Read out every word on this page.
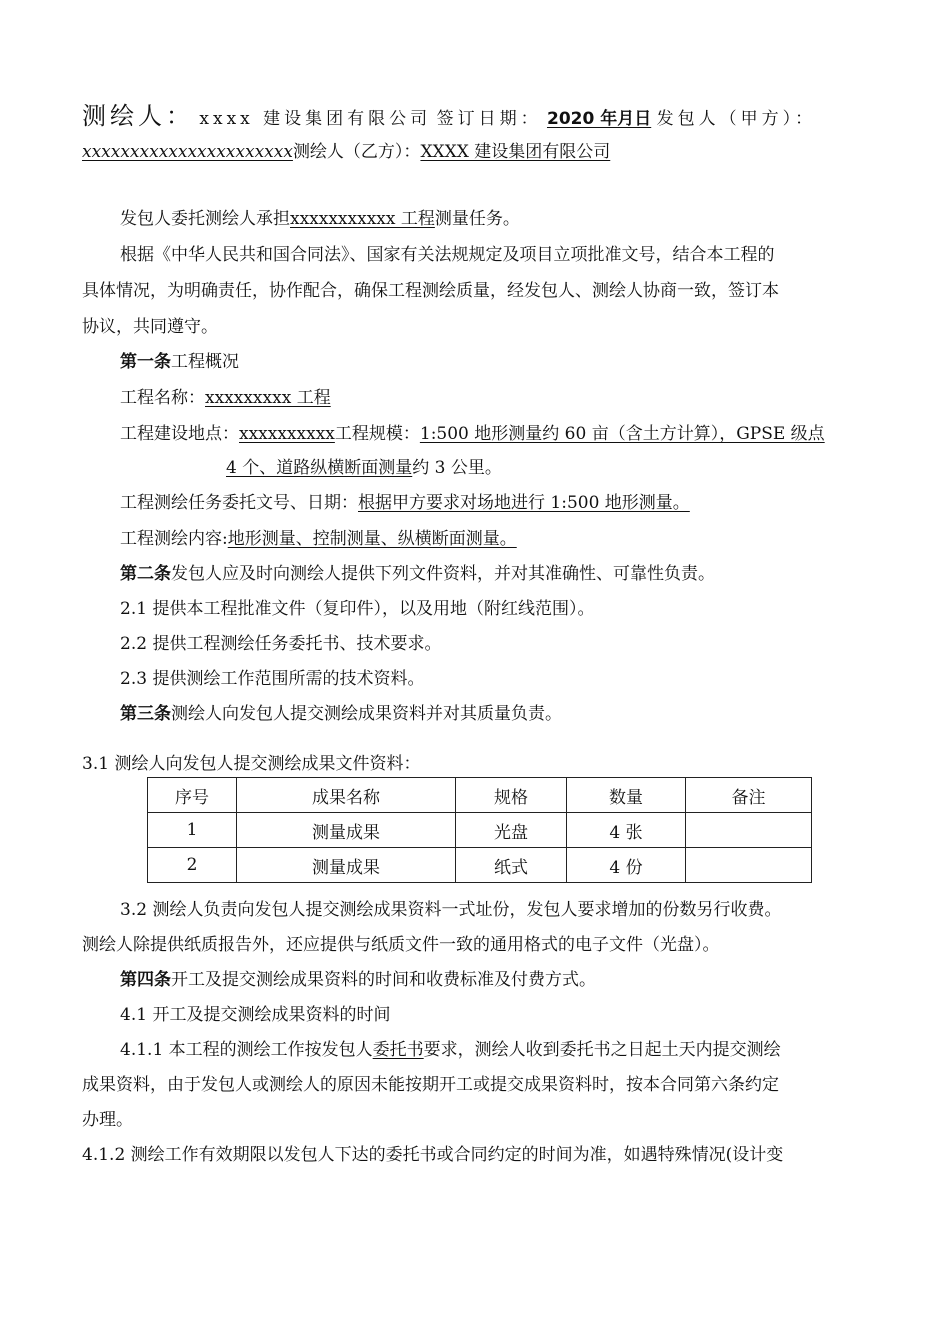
测绘人： xxxx 建设集团有限公司 签订日期： 2020 年月日 发包人（甲方）：
xxxxxxxxxxxxxxxxxxxxxx测绘人（乙方）：XXXX 建设集团有限公司
发包人委托测绘人承担xxxxxxxxxxx 工程测量任务。
根据《中华人民共和国合同法》、国家有关法规规定及项目立项批准文号，结合本工程的
具体情况，为明确责任，协作配合，确保工程测绘质量，经发包人、测绘人协商一致，签订本
协议，共同遵守。
第一条工程概况
工程名称：xxxxxxxxx 工程
工程建设地点：xxxxxxxxxx工程规模：1:500 地形测量约 60 亩（含土方计算），GPSE 级点
4 个、道路纵横断面测量约 3 公里。
工程测绘任务委托文号、日期：根据甲方要求对场地进行 1:500 地形测量。
工程测绘内容:地形测量、控制测量、纵横断面测量。
第二条发包人应及时向测绘人提供下列文件资料，并对其准确性、可靠性负责。
2.1 提供本工程批准文件（复印件），以及用地（附红线范围）。
2.2 提供工程测绘任务委托书、技术要求。
2.3 提供测绘工作范围所需的技术资料。
第三条测绘人向发包人提交测绘成果资料并对其质量负责。
3.1 测绘人向发包人提交测绘成果文件资料：
序号	成果名称	规格	数量	备注
1	测量成果	光盘	4 张	
2	测量成果	纸式	4 份	
3.2 测绘人负责向发包人提交测绘成果资料一式址份，发包人要求增加的份数另行收费。
测绘人除提供纸质报告外，还应提供与纸质文件一致的通用格式的电子文件（光盘）。
第四条开工及提交测绘成果资料的时间和收费标准及付费方式。
4.1 开工及提交测绘成果资料的时间
4.1.1 本工程的测绘工作按发包人委托书要求，测绘人收到委托书之日起土天内提交测绘
成果资料，由于发包人或测绘人的原因未能按期开工或提交成果资料时，按本合同第六条约定
办理。
4.1.2 测绘工作有效期限以发包人下达的委托书或合同约定的时间为准，如遇特殊情况(设计变
